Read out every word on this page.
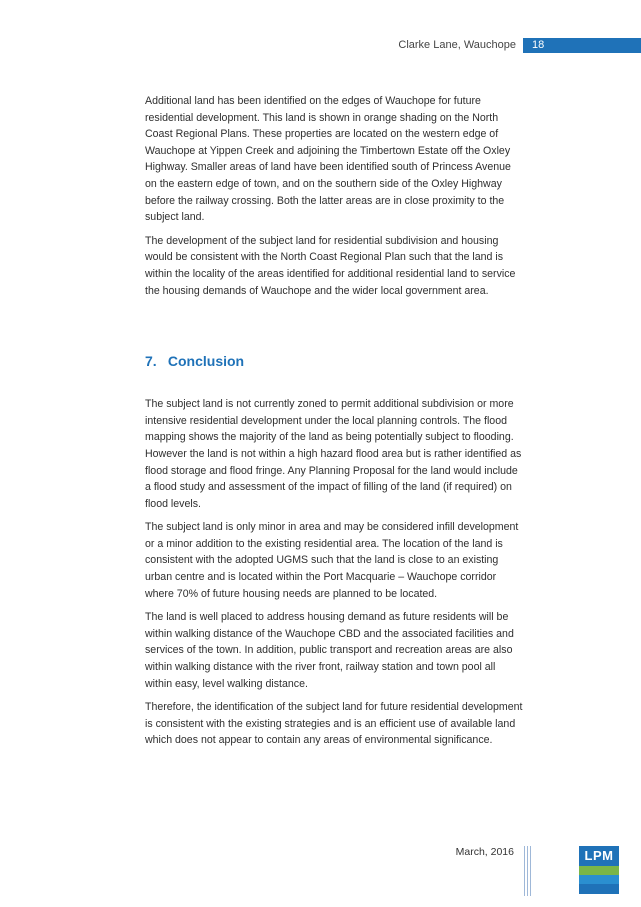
Clarke Lane, Wauchope 18

Additional land has been identified on the edges of Wauchope for future residential development. This land is shown in orange shading on the North Coast Regional Plans. These properties are located on the western edge of Wauchope at Yippen Creek and adjoining the Timbertown Estate off the Oxley Highway. Smaller areas of land have been identified south of Princess Avenue on the eastern edge of town, and on the southern side of the Oxley Highway before the railway crossing. Both the latter areas are in close proximity to the subject land.

The development of the subject land for residential subdivision and housing would be consistent with the North Coast Regional Plan such that the land is within the locality of the areas identified for additional residential land to service the housing demands of Wauchope and the wider local government area.

7. Conclusion

The subject land is not currently zoned to permit additional subdivision or more intensive residential development under the local planning controls. The flood mapping shows the majority of the land as being potentially subject to flooding. However the land is not within a high hazard flood area but is rather identified as flood storage and flood fringe. Any Planning Proposal for the land would include a flood study and assessment of the impact of filling of the land (if required) on flood levels.

The subject land is only minor in area and may be considered infill development or a minor addition to the existing residential area. The location of the land is consistent with the adopted UGMS such that the land is close to an existing urban centre and is located within the Port Macquarie – Wauchope corridor where 70% of future housing needs are planned to be located.

The land is well placed to address housing demand as future residents will be within walking distance of the Wauchope CBD and the associated facilities and services of the town. In addition, public transport and recreation areas are also within walking distance with the river front, railway station and town pool all within easy, level walking distance.

Therefore, the identification of the subject land for future residential development is consistent with the existing strategies and is an efficient use of available land which does not appear to contain any areas of environmental significance.

March, 2016	LPM
